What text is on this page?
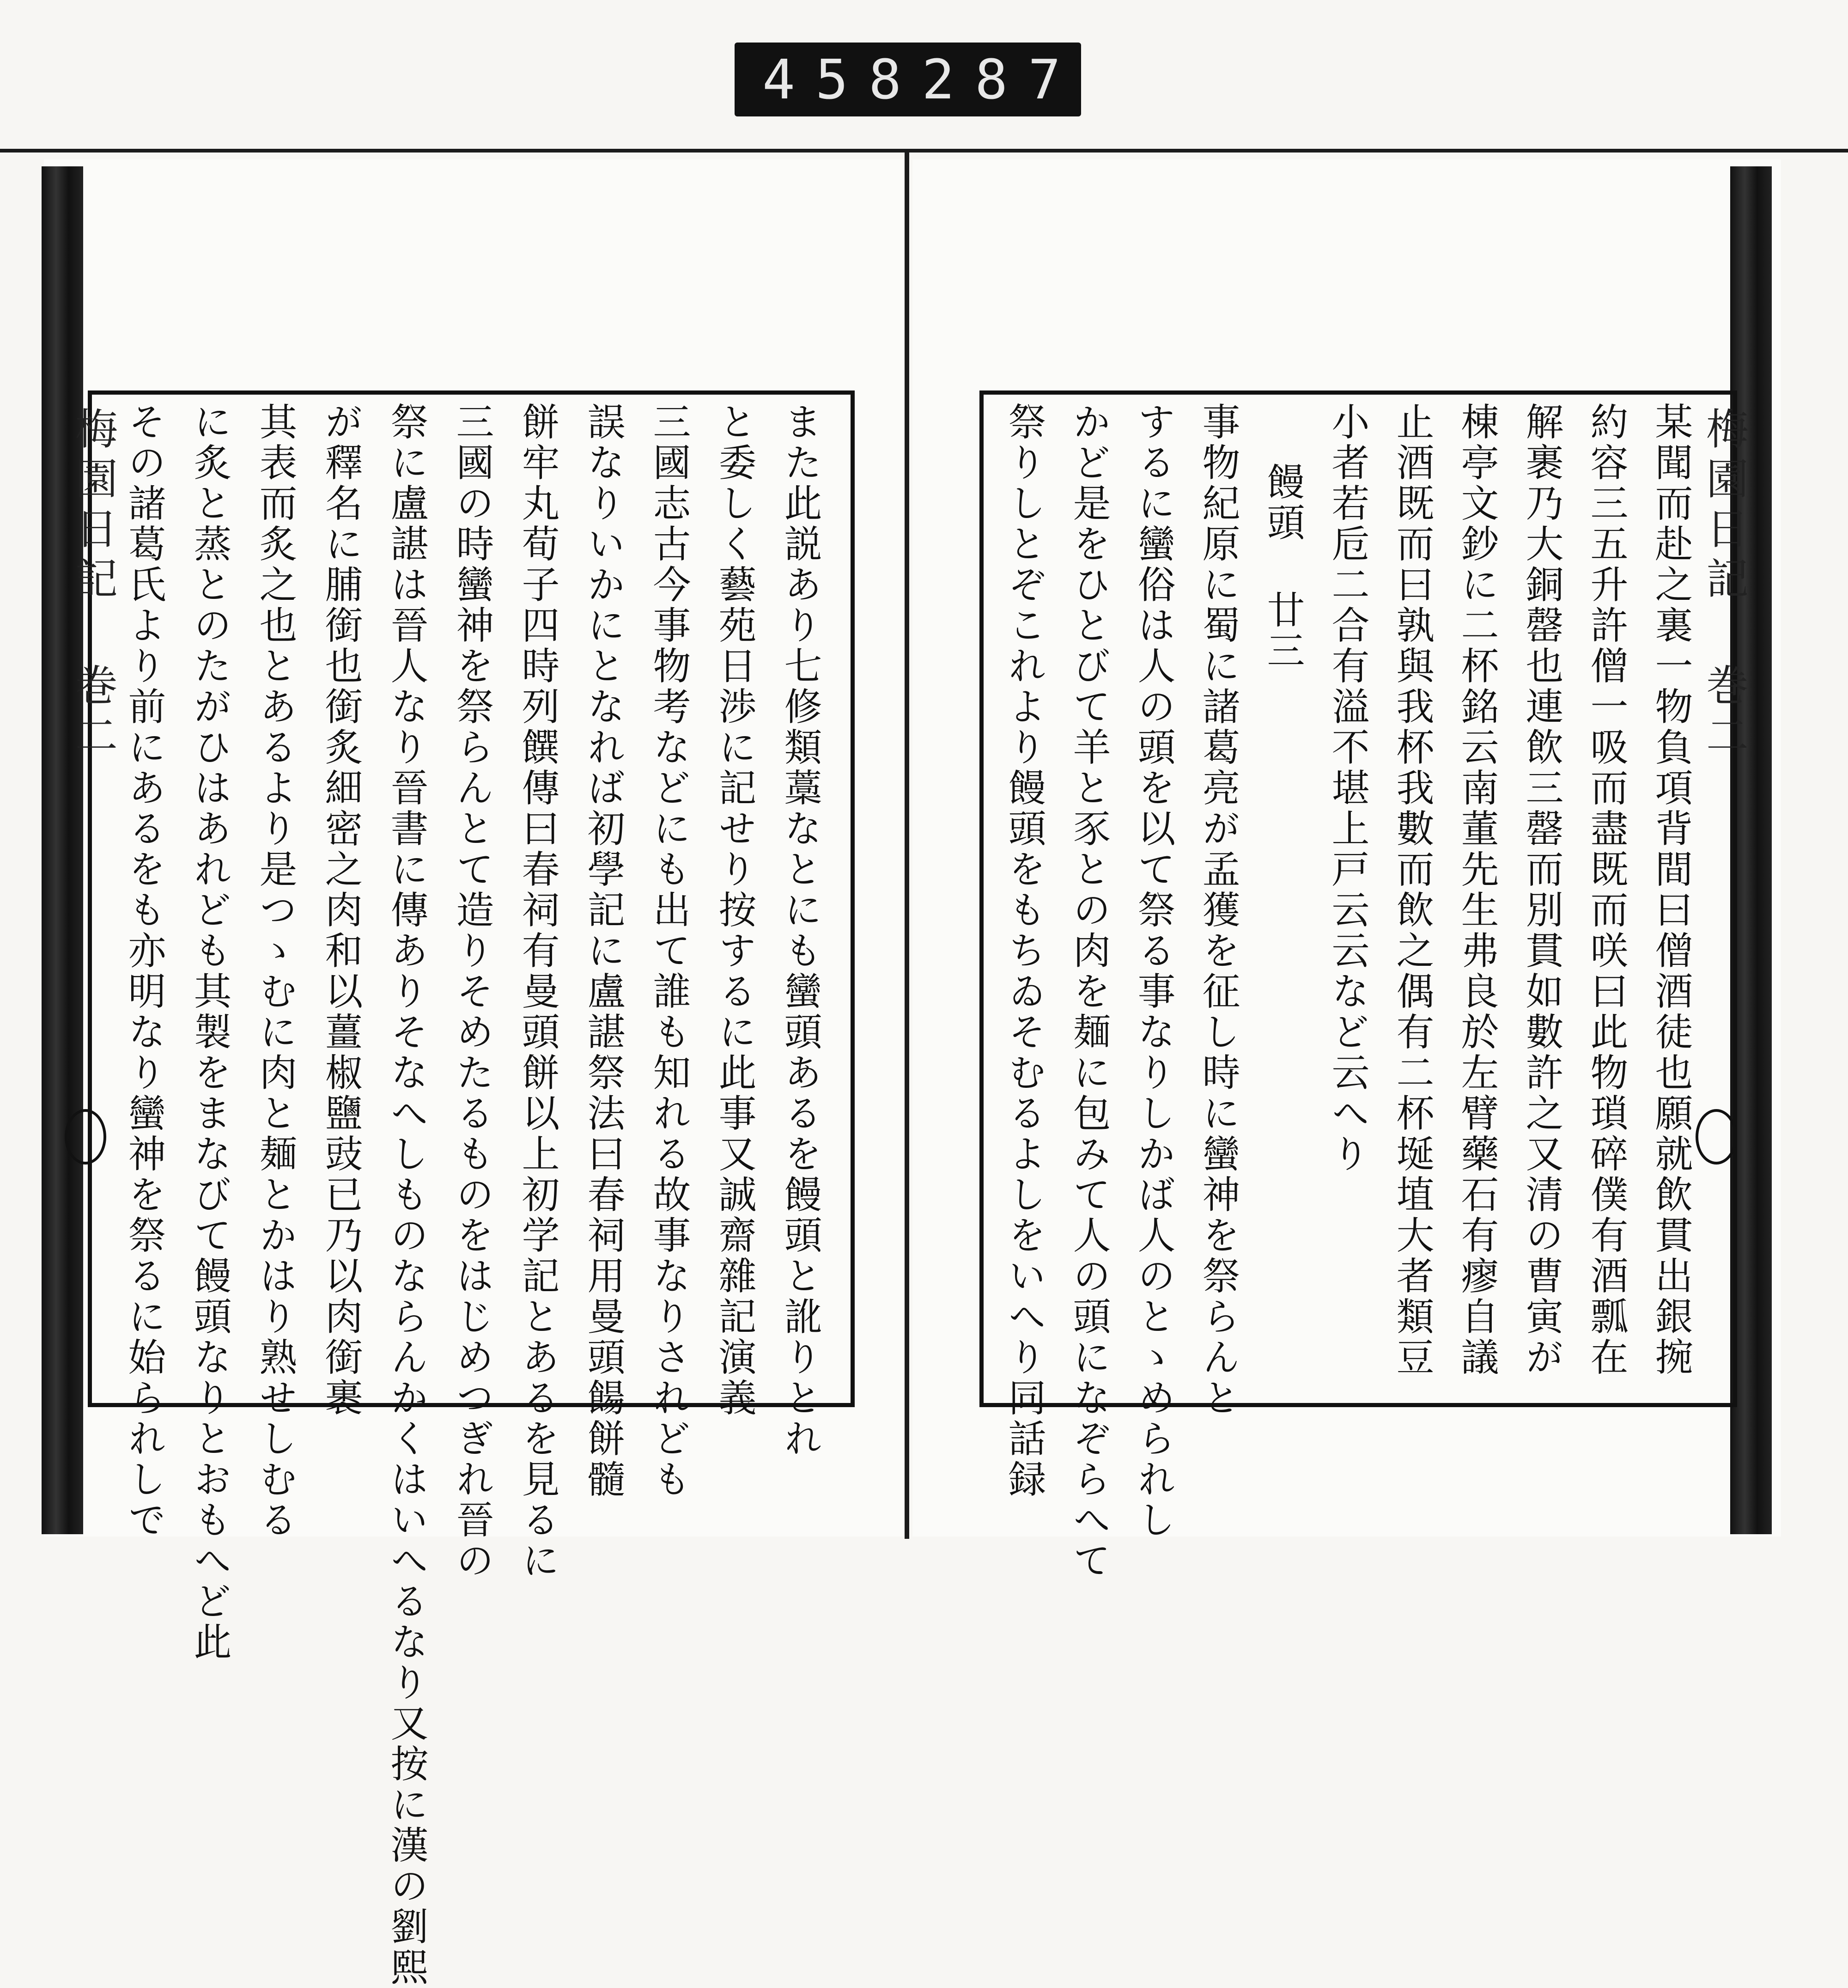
458 287
梅園日記 巻二	梅園日記 巻二
また此説あり七修類藁なとにも蠻頭あるを饅頭と訛りとれ
と委しく藝苑日渉に記せり按するに此事又誠齋雜記演義
三國志古今事物考などにも出て誰も知れる故事なりされども
誤なりいかにとなれば初學記に盧諶祭法曰春祠用曼頭餳餅髓
餅牢丸荀子四時列饌傳曰春祠有曼頭餅以上初学記とあるを見るに
三國の時蠻神を祭らんとて造りそめたるものをはじめつぎれ晉の
祭に盧諶は晉人なり晉書に傳ありそなへしものならんかくはいへるなり又按に漢の劉熙
が釋名に脯銜也銜炙細密之肉和以薑椒鹽豉已乃以肉銜裹
其表而炙之也とあるより是つゝむに肉と麺とかはり熟せしむる
に炙と蒸とのたがひはあれども其製をまなびて饅頭なりとおもへど此
その諸葛氏より前にあるをも亦明なり蠻神を祭るに始られしで	某聞而赴之裏一物負項背間曰僧酒徒也願就飲貫出銀捥
約容三五升許僧一吸而盡既而咲曰此物瑣碎僕有酒瓢在
解裹乃大銅罄也連飲三罄而別貫如數許之又清の曹寅が
棟亭文鈔に二杯銘云南董先生弗良於左臂藥石有瘳自議
止酒既而曰孰與我杯我數而飲之偶有二杯埏埴大者類豆
小者若卮二合有溢不堪上戸云云など云へり
饅頭 廿三
事物紀原に蜀に諸葛亮が孟獲を征し時に蠻神を祭らんと
するに蠻俗は人の頭を以て祭る事なりしかば人のとゝめられし
かど是をひとびて羊と豕との肉を麺に包みて人の頭になぞらへて
祭りしとぞこれより饅頭をもちゐそむるよしをいへり同話録
